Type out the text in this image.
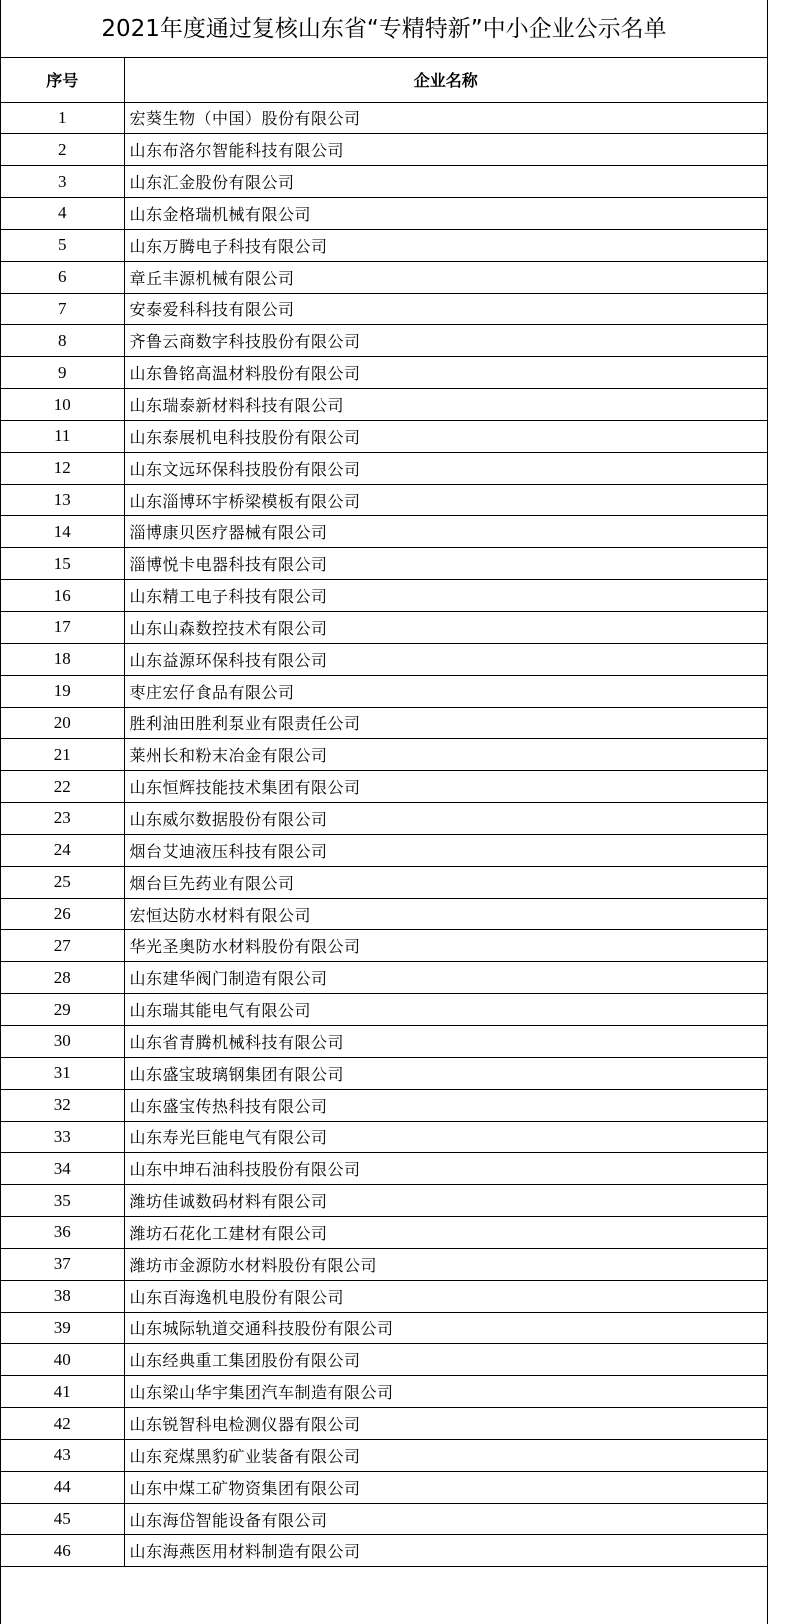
2021年度通过复核山东省“专精特新”中小企业公示名单
序号	企业名称
1	宏葵生物（中国）股份有限公司
2	山东布洛尔智能科技有限公司
3	山东汇金股份有限公司
4	山东金格瑞机械有限公司
5	山东万腾电子科技有限公司
6	章丘丰源机械有限公司
7	安泰爱科科技有限公司
8	齐鲁云商数字科技股份有限公司
9	山东鲁铭高温材料股份有限公司
10	山东瑞泰新材料科技有限公司
11	山东泰展机电科技股份有限公司
12	山东文远环保科技股份有限公司
13	山东淄博环宇桥梁模板有限公司
14	淄博康贝医疗器械有限公司
15	淄博悦卡电器科技有限公司
16	山东精工电子科技有限公司
17	山东山森数控技术有限公司
18	山东益源环保科技有限公司
19	枣庄宏仔食品有限公司
20	胜利油田胜利泵业有限责任公司
21	莱州长和粉末冶金有限公司
22	山东恒辉技能技术集团有限公司
23	山东威尔数据股份有限公司
24	烟台艾迪液压科技有限公司
25	烟台巨先药业有限公司
26	宏恒达防水材料有限公司
27	华光圣奥防水材料股份有限公司
28	山东建华阀门制造有限公司
29	山东瑞其能电气有限公司
30	山东省青腾机械科技有限公司
31	山东盛宝玻璃钢集团有限公司
32	山东盛宝传热科技有限公司
33	山东寿光巨能电气有限公司
34	山东中坤石油科技股份有限公司
35	潍坊佳诚数码材料有限公司
36	潍坊石花化工建材有限公司
37	潍坊市金源防水材料股份有限公司
38	山东百海逸机电股份有限公司
39	山东城际轨道交通科技股份有限公司
40	山东经典重工集团股份有限公司
41	山东梁山华宇集团汽车制造有限公司
42	山东锐智科电检测仪器有限公司
43	山东兖煤黑豹矿业装备有限公司
44	山东中煤工矿物资集团有限公司
45	山东海岱智能设备有限公司
46	山东海燕医用材料制造有限公司
